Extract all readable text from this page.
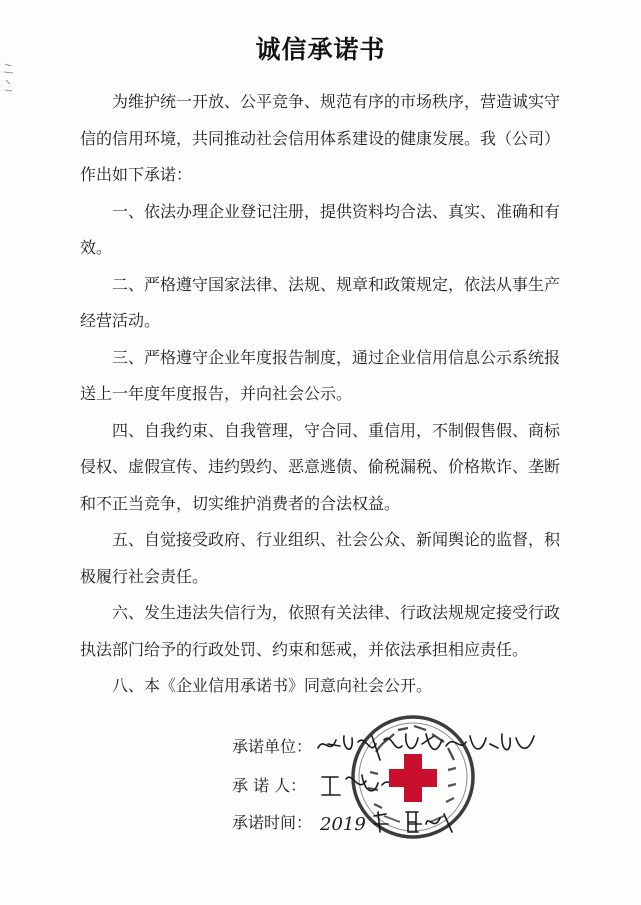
诚信承诺书

为维护统一开放、公平竞争、规范有序的市场秩序，营造诚实守信的信用环境，共同推动社会信用体系建设的健康发展。我（公司）作出如下承诺：

一、依法办理企业登记注册，提供资料均合法、真实、准确和有效。

二、严格遵守国家法律、法规、规章和政策规定，依法从事生产经营活动。

三、严格遵守企业年度报告制度，通过企业信用信息公示系统报送上一年度年度报告，并向社会公示。

四、自我约束、自我管理，守合同、重信用，不制假售假、商标侵权、虚假宣传、违约毁约、恶意逃债、偷税漏税、价格欺诈、垄断和不正当竞争，切实维护消费者的合法权益。

五、自觉接受政府、行业组织、社会公众、新闻舆论的监督，积极履行社会责任。

六、发生违法失信行为，依照有关法律、行政法规规定接受行政执法部门给予的行政处罚、约束和惩戒，并依法承担相应责任。

八、本《企业信用承诺书》同意向社会公开。

承诺单位：
承 诺 人：
承诺时间： 2019
